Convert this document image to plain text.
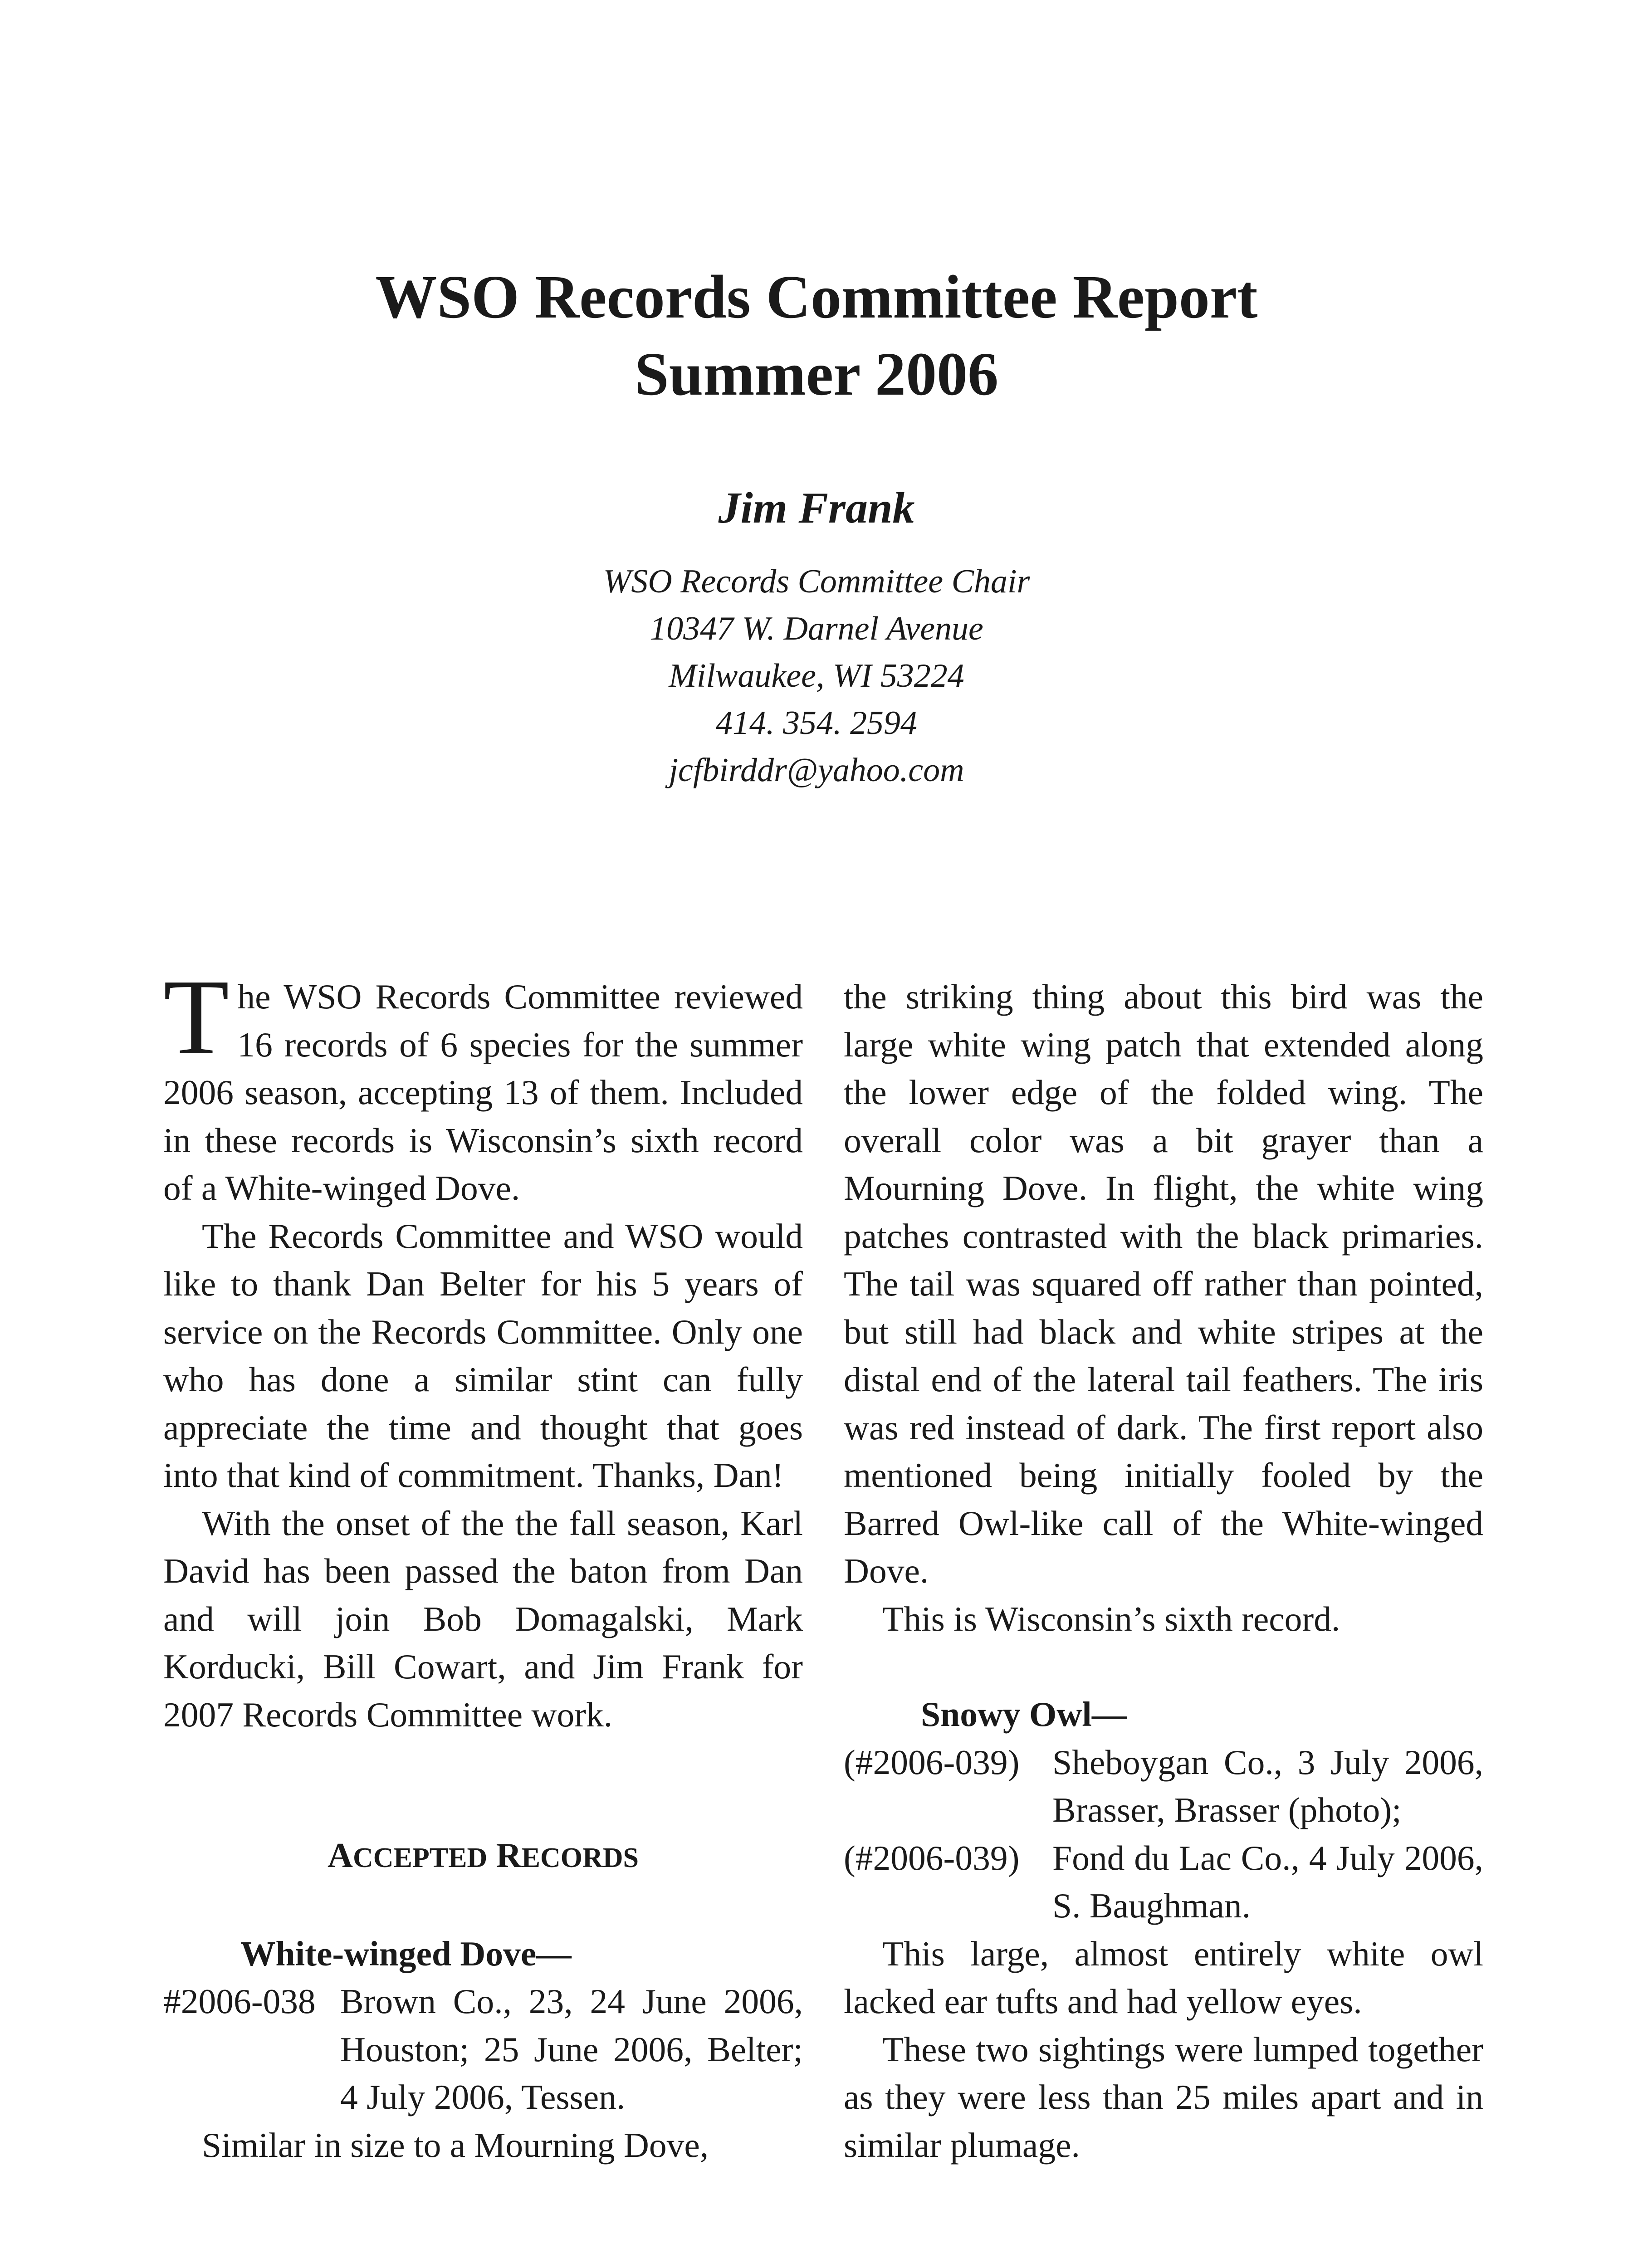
WSO Records Committee Report
Summer 2006
Jim Frank
WSO Records Committee Chair
10347 W. Darnel Avenue
Milwaukee, WI 53224
414. 354. 2594
jcfbirddr@yahoo.com

The WSO Records Committee reviewed 16 records of 6 species for the summer 2006 season, accepting 13 of them. Included in these records is Wisconsin’s sixth record of a White-winged Dove.

The Records Committee and WSO would like to thank Dan Belter for his 5 years of service on the Records Committee. Only one who has done a similar stint can fully appreciate the time and thought that goes into that kind of commitment. Thanks, Dan!

With the onset of the the fall season, Karl David has been passed the baton from Dan and will join Bob Domagalski, Mark Korducki, Bill Cowart, and Jim Frank for 2007 Records Committee work.

ACCEPTED RECORDS

White-winged Dove—

#2006-038 Brown Co., 23, 24 June 2006, Houston; 25 June 2006, Belter; 4 July 2006, Tessen.

Similar in size to a Mourning Dove,

the striking thing about this bird was the large white wing patch that extended along the lower edge of the folded wing. The overall color was a bit grayer than a Mourning Dove. In flight, the white wing patches contrasted with the black primaries. The tail was squared off rather than pointed, but still had black and white stripes at the distal end of the lateral tail feathers. The iris was red instead of dark. The first report also mentioned being initially fooled by the Barred Owl-like call of the White-winged Dove.

This is Wisconsin’s sixth record.

Snowy Owl—

(#2006-039) Sheboygan Co., 3 July 2006, Brasser, Brasser (photo);
(#2006-039) Fond du Lac Co., 4 July 2006, S. Baughman.

This large, almost entirely white owl lacked ear tufts and had yellow eyes.

These two sightings were lumped together as they were less than 25 miles apart and in similar plumage.
